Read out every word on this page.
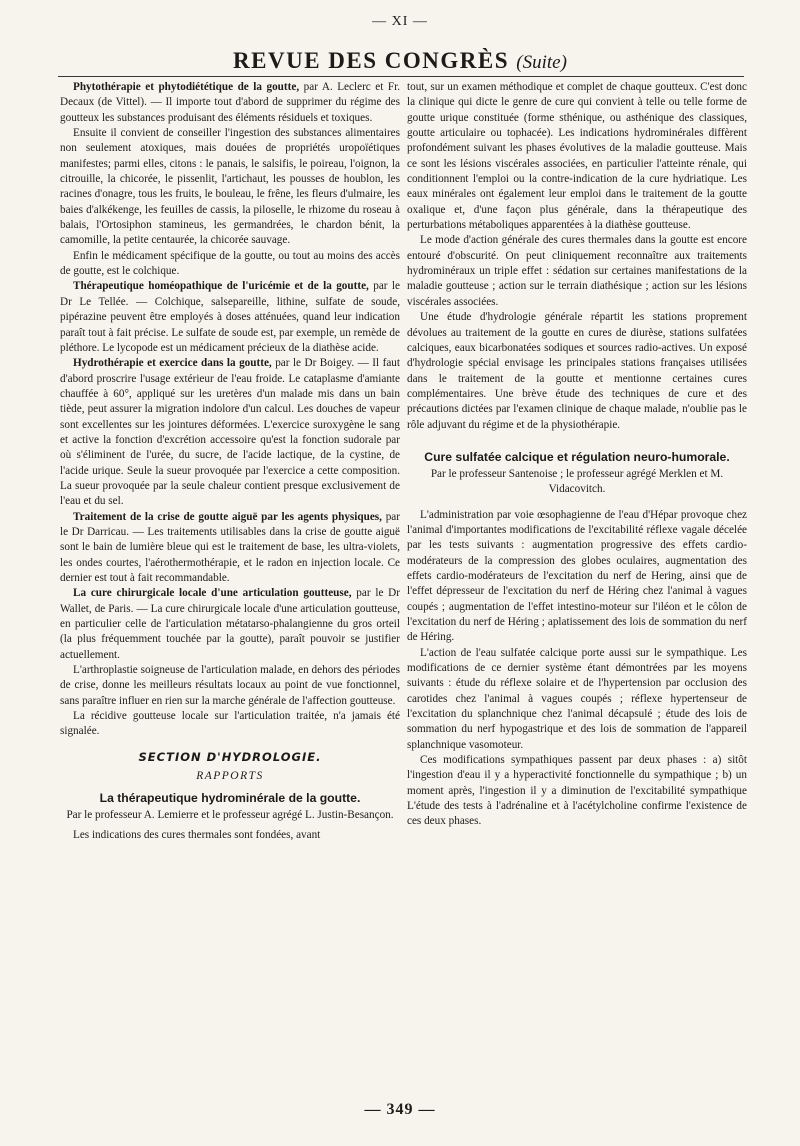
— XI —
REVUE DES CONGRÈS (Suite)

Phytothérapie et phytodiététique de la goutte, par A. Leclerc et Fr. Decaux (de Vittel). — Il importe tout d'abord de supprimer du régime des goutteux les substances produisant des éléments résiduels et toxiques.

Ensuite il convient de conseiller l'ingestion des substances alimentaires non seulement atoxiques, mais douées de propriétés uropoïétiques manifestes; parmi elles, citons : le panais, le salsifis, le poireau, l'oignon, la citrouille, la chicorée, le pissenlit, l'artichaut, les pousses de houblon, les racines d'onagre, tous les fruits, le bouleau, le frêne, les fleurs d'ulmaire, les baies d'alkékenge, les feuilles de cassis, la piloselle, le rhizome du roseau à balais, l'Ortosiphon stamineus, les germandrées, le chardon bénit, la camomille, la petite centaurée, la chicorée sauvage.

Enfin le médicament spécifique de la goutte, ou tout au moins des accès de goutte, est le colchique.

Thérapeutique homéopathique de l'uricémie et de la goutte, par le Dr Le Tellée. — Colchique, salsepareille, lithine, sulfate de soude, pipérazine peuvent être employés à doses atténuées, quand leur indication paraît tout à fait précise. Le sulfate de soude est, par exemple, un remède de pléthore. Le lycopode est un médicament précieux de la diathèse acide.

Hydrothérapie et exercice dans la goutte, par le Dr Boigey. — Il faut d'abord proscrire l'usage extérieur de l'eau froide. Le cataplasme d'amiante chauffée à 60°, appliqué sur les uretères d'un malade mis dans un bain tiède, peut assurer la migration indolore d'un calcul. Les douches de vapeur sont excellentes sur les jointures déformées. L'exercice suroxygène le sang et active la fonction d'excrétion accessoire qu'est la fonction sudorale par où s'éliminent de l'urée, du sucre, de l'acide lactique, de la cystine, de l'acide urique. Seule la sueur provoquée par l'exercice a cette composition. La sueur provoquée par la seule chaleur contient presque exclusivement de l'eau et du sel.

Traitement de la crise de goutte aiguë par les agents physiques, par le Dr Darricau. — Les traitements utilisables dans la crise de goutte aiguë sont le bain de lumière bleue qui est le traitement de base, les ultra-violets, les ondes courtes, l'aérothermothérapie, et le radon en injection locale. Ce dernier est tout à fait recommandable.

La cure chirurgicale locale d'une articulation goutteuse, par le Dr Wallet, de Paris. — La cure chirurgicale locale d'une articulation goutteuse, en particulier celle de l'articulation métatarso-phalangienne du gros orteil (la plus fréquemment touchée par la goutte), paraît pouvoir se justifier actuellement.

L'arthroplastie soigneuse de l'articulation malade, en dehors des périodes de crise, donne les meilleurs résultats locaux au point de vue fonctionnel, sans paraître influer en rien sur la marche générale de l'affection goutteuse.

La récidive goutteuse locale sur l'articulation traitée, n'a jamais été signalée.

SECTION D'HYDROLOGIE.
RAPPORTS
La thérapeutique hydrominérale de la goutte.
Par le professeur A. Lemierre et le professeur agrégé L. Justin-Besançon.

Les indications des cures thermales sont fondées, avant

tout, sur un examen méthodique et complet de chaque goutteux. C'est donc la clinique qui dicte le genre de cure qui convient à telle ou telle forme de goutte urique constituée (forme sthénique, ou asthénique des classiques, goutte articulaire ou tophacée). Les indications hydrominérales diffèrent profondément suivant les phases évolutives de la maladie goutteuse. Mais ce sont les lésions viscérales associées, en particulier l'atteinte rénale, qui conditionnent l'emploi ou la contre-indication de la cure hydriatique. Les eaux minérales ont également leur emploi dans le traitement de la goutte oxalique et, d'une façon plus générale, dans la thérapeutique des perturbations métaboliques apparentées à la diathèse goutteuse.

Le mode d'action générale des cures thermales dans la goutte est encore entouré d'obscurité. On peut cliniquement reconnaître aux traitements hydrominéraux un triple effet : sédation sur certaines manifestations de la maladie goutteuse ; action sur le terrain diathésique ; action sur les lésions viscérales associées.

Une étude d'hydrologie générale répartit les stations proprement dévolues au traitement de la goutte en cures de diurèse, stations sulfatées calciques, eaux bicarbonatées sodiques et sources radio-actives. Un exposé d'hydrologie spécial envisage les principales stations françaises utilisées dans le traitement de la goutte et mentionne certaines cures complémentaires. Une brève étude des techniques de cure et des précautions dictées par l'examen clinique de chaque malade, n'oublie pas le rôle adjuvant du régime et de la physiothérapie.

Cure sulfatée calcique et régulation neuro-humorale.
Par le professeur Santenoise ; le professeur agrégé Merklen et M. Vidacovitch.

L'administration par voie œsophagienne de l'eau d'Hépar provoque chez l'animal d'importantes modifications de l'excitabilité réflexe vagale décelée par les tests suivants : augmentation progressive des effets cardio-modérateurs de la compression des globes oculaires, augmentation des effets cardio-modérateurs de l'excitation du nerf de Hering, ainsi que de l'effet dépresseur de l'excitation du nerf de Héring chez l'animal à vagues coupés ; augmentation de l'effet intestino-moteur sur l'iléon et le côlon de l'excitation du nerf de Héring ; aplatissement des lois de sommation du nerf de Héring.

L'action de l'eau sulfatée calcique porte aussi sur le sympathique. Les modifications de ce dernier système étant démontrées par les moyens suivants : étude du réflexe solaire et de l'hypertension par occlusion des carotides chez l'animal à vagues coupés ; réflexe hypertenseur de l'excitation du splanchnique chez l'animal décapsulé ; étude des lois de sommation du nerf hypogastrique et des lois de sommation de l'appareil splanchnique vasomoteur.

Ces modifications sympathiques passent par deux phases : a) sitôt l'ingestion d'eau il y a hyperactivité fonctionnelle du sympathique ; b) un moment après, l'ingestion il y a diminution de l'excitabilité sympathique L'étude des tests à l'adrénaline et à l'acétylcholine confirme l'existence de ces deux phases.

— 349 —
